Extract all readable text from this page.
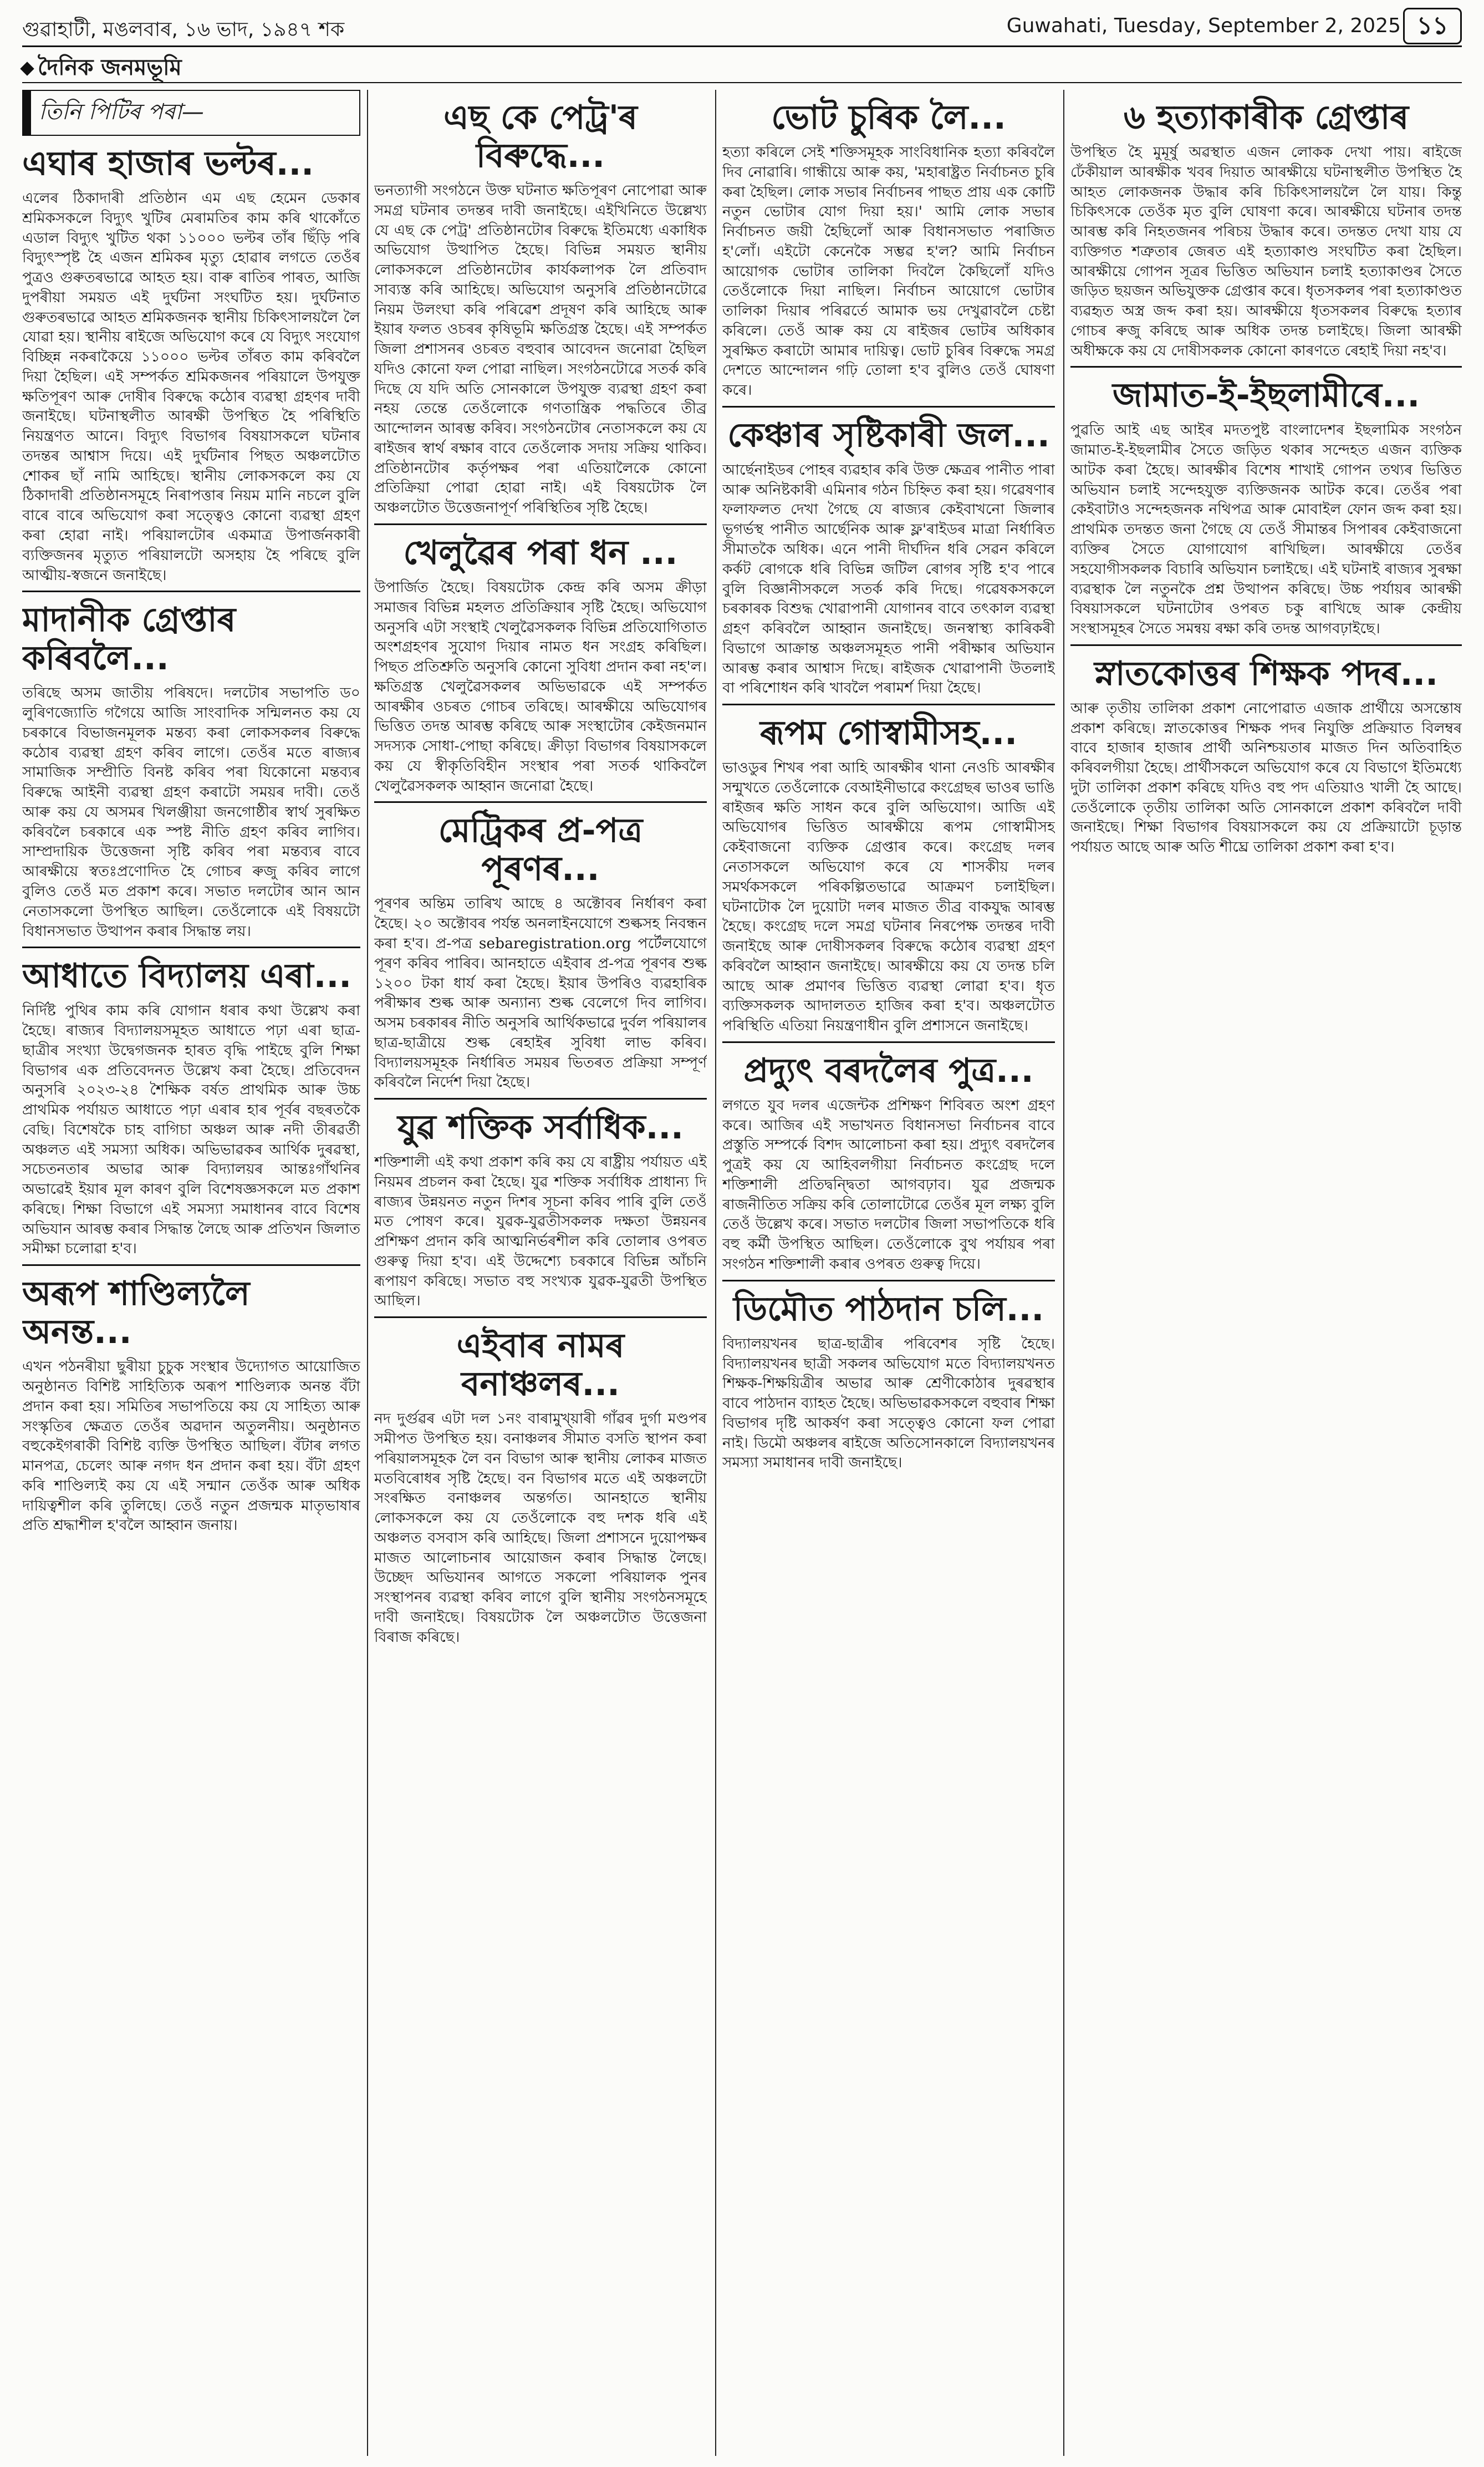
গুৱাহাটী, মঙলবাৰ, ১৬ ভাদ, ১৯৪৭ শক	Guwahati, Tuesday, September 2, 2025 ১১
দৈনিক জনমভূমি
তিনি পিটিৰ পৰা—
এঘাৰ হাজাৰ ভল্টৰ...

এলেৰ ঠিকাদাৰী প্ৰতিষ্ঠান এম এছ হেমেন ডেকাৰ শ্ৰমিকসকলে বিদ্যুৎ খুটিৰ মেৰামতিৰ কাম কৰি থাকোঁতে এডাল বিদ্যুৎ খুটিত থকা ১১০০০ ভল্টৰ তাঁৰ ছিঁড়ি পৰি বিদ্যুৎস্পৃষ্ট হৈ এজন শ্ৰমিকৰ মৃত্যু হোৱাৰ লগতে তেওঁৰ পুত্ৰও গুৰুতৰভাৱে আহত হয়। বাৰু ৰাতিৰ পাৰত, আজি দুপৰীয়া সময়ত এই দুৰ্ঘটনা সংঘটিত হয়। দুৰ্ঘটনাত গুৰুতৰভাৱে আহত শ্ৰমিকজনক স্থানীয় চিকিৎসালয়লৈ লৈ যোৱা হয়। স্থানীয় ৰাইজে অভিযোগ কৰে যে বিদ্যুৎ সংযোগ বিচ্ছিন্ন নকৰাকৈয়ে ১১০০০ ভল্টৰ তাঁৰত কাম কৰিবলৈ দিয়া হৈছিল। এই সম্পৰ্কত শ্ৰমিকজনৰ পৰিয়ালে উপযুক্ত ক্ষতিপূৰণ আৰু দোষীৰ বিৰুদ্ধে কঠোৰ ব্যৱস্থা গ্ৰহণৰ দাবী জনাইছে। ঘটনাস্থলীত আৰক্ষী উপস্থিত হৈ পৰিস্থিতি নিয়ন্ত্ৰণত আনে। বিদ্যুৎ বিভাগৰ বিষয়াসকলে ঘটনাৰ তদন্তৰ আশ্বাস দিয়ে। এই দুৰ্ঘটনাৰ পিছত অঞ্চলটোত শোকৰ ছাঁ নামি আহিছে। স্থানীয় লোকসকলে কয় যে ঠিকাদাৰী প্ৰতিষ্ঠানসমূহে নিৰাপত্তাৰ নিয়ম মানি নচলে বুলি বাৰে বাৰে অভিযোগ কৰা সত্ত্বেও কোনো ব্যৱস্থা গ্ৰহণ কৰা হোৱা নাই। পৰিয়ালটোৰ একমাত্ৰ উপাৰ্জনকাৰী ব্যক্তিজনৰ মৃত্যুত পৰিয়ালটো অসহায় হৈ পৰিছে বুলি আত্মীয়-স্বজনে জনাইছে।

মাদানীক গ্ৰেপ্তাৰ কৰিবলৈ...

তৰিছে অসম জাতীয় পৰিষদে। দলটোৰ সভাপতি ড০ লুৰিণজ্যোতি গগৈয়ে আজি সাংবাদিক সন্মিলনত কয় যে চৰকাৰে বিভাজনমূলক মন্তব্য কৰা লোকসকলৰ বিৰুদ্ধে কঠোৰ ব্যৱস্থা গ্ৰহণ কৰিব লাগে। তেওঁৰ মতে ৰাজ্যৰ সামাজিক সম্প্ৰীতি বিনষ্ট কৰিব পৰা যিকোনো মন্তব্যৰ বিৰুদ্ধে আইনী ব্যৱস্থা গ্ৰহণ কৰাটো সময়ৰ দাবী। তেওঁ আৰু কয় যে অসমৰ খিলঞ্জীয়া জনগোষ্ঠীৰ স্বাৰ্থ সুৰক্ষিত কৰিবলৈ চৰকাৰে এক স্পষ্ট নীতি গ্ৰহণ কৰিব লাগিব। সাম্প্ৰদায়িক উত্তেজনা সৃষ্টি কৰিব পৰা মন্তব্যৰ বাবে আৰক্ষীয়ে স্বতঃপ্ৰণোদিত হৈ গোচৰ ৰুজু কৰিব লাগে বুলিও তেওঁ মত প্ৰকাশ কৰে। সভাত দলটোৰ আন আন নেতাসকলো উপস্থিত আছিল। তেওঁলোকে এই বিষয়টো বিধানসভাত উত্থাপন কৰাৰ সিদ্ধান্ত লয়।

আধাতে বিদ্যালয় এৰা...

নিৰ্দিষ্ট পুথিৰ কাম কৰি যোগান ধৰাৰ কথা উল্লেখ কৰা হৈছে। ৰাজ্যৰ বিদ্যালয়সমূহত আধাতে পঢ়া এৰা ছাত্ৰ-ছাত্ৰীৰ সংখ্যা উদ্বেগজনক হাৰত বৃদ্ধি পাইছে বুলি শিক্ষা বিভাগৰ এক প্ৰতিবেদনত উল্লেখ কৰা হৈছে। প্ৰতিবেদন অনুসৰি ২০২৩-২৪ শৈক্ষিক বৰ্ষত প্ৰাথমিক আৰু উচ্চ প্ৰাথমিক পৰ্যায়ত আধাতে পঢ়া এৰাৰ হাৰ পূৰ্বৰ বছৰতকৈ বেছি। বিশেষকৈ চাহ বাগিচা অঞ্চল আৰু নদী তীৰৱৰ্তী অঞ্চলত এই সমস্যা অধিক। অভিভাৱকৰ আৰ্থিক দুৰৱস্থা, সচেতনতাৰ অভাৱ আৰু বিদ্যালয়ৰ আন্তঃগাঁথনিৰ অভাৱেই ইয়াৰ মূল কাৰণ বুলি বিশেষজ্ঞসকলে মত প্ৰকাশ কৰিছে। শিক্ষা বিভাগে এই সমস্যা সমাধানৰ বাবে বিশেষ অভিযান আৰম্ভ কৰাৰ সিদ্ধান্ত লৈছে আৰু প্ৰতিখন জিলাত সমীক্ষা চলোৱা হ'ব।

অৰূপ শাণ্ডিল্যলৈ অনন্ত...

এখন পঠনৰীয়া ছুৰীয়া চুচুক সংস্থাৰ উদ্যোগত আয়োজিত অনুষ্ঠানত বিশিষ্ট সাহিত্যিক অৰূপ শাণ্ডিল্যক অনন্ত বঁটা প্ৰদান কৰা হয়। সমিতিৰ সভাপতিয়ে কয় যে সাহিত্য আৰু সংস্কৃতিৰ ক্ষেত্ৰত তেওঁৰ অৱদান অতুলনীয়। অনুষ্ঠানত বহুকেইগৰাকী বিশিষ্ট ব্যক্তি উপস্থিত আছিল। বঁটাৰ লগত মানপত্ৰ, চেলেং আৰু নগদ ধন প্ৰদান কৰা হয়। বঁটা গ্ৰহণ কৰি শাণ্ডিল্যই কয় যে এই সন্মান তেওঁক আৰু অধিক দায়িত্বশীল কৰি তুলিছে। তেওঁ নতুন প্ৰজন্মক মাতৃভাষাৰ প্ৰতি শ্ৰদ্ধাশীল হ'বলৈ আহ্বান জনায়।

এছ কে পেট্ৰ'ৰ বিৰুদ্ধে...

ভনত্যাগী সংগঠনে উক্ত ঘটনাত ক্ষতিপূৰণ নোপোৱা আৰু সমগ্ৰ ঘটনাৰ তদন্তৰ দাবী জনাইছে। এইখিনিতে উল্লেখ্য যে এছ কে পেট্ৰ' প্ৰতিষ্ঠানটোৰ বিৰুদ্ধে ইতিমধ্যে একাধিক অভিযোগ উত্থাপিত হৈছে। বিভিন্ন সময়ত স্থানীয় লোকসকলে প্ৰতিষ্ঠানটোৰ কাৰ্যকলাপক লৈ প্ৰতিবাদ সাব্যস্ত কৰি আহিছে। অভিযোগ অনুসৰি প্ৰতিষ্ঠানটোৱে নিয়ম উলংঘা কৰি পৰিৱেশ প্ৰদূষণ কৰি আহিছে আৰু ইয়াৰ ফলত ওচৰৰ কৃষিভূমি ক্ষতিগ্ৰস্ত হৈছে। এই সম্পৰ্কত জিলা প্ৰশাসনৰ ওচৰত বহুবাৰ আবেদন জনোৱা হৈছিল যদিও কোনো ফল পোৱা নাছিল। সংগঠনটোৱে সতৰ্ক কৰি দিছে যে যদি অতি সোনকালে উপযুক্ত ব্যৱস্থা গ্ৰহণ কৰা নহয় তেন্তে তেওঁলোকে গণতান্ত্ৰিক পদ্ধতিৰে তীব্ৰ আন্দোলন আৰম্ভ কৰিব। সংগঠনটোৰ নেতাসকলে কয় যে ৰাইজৰ স্বাৰ্থ ৰক্ষাৰ বাবে তেওঁলোক সদায় সক্ৰিয় থাকিব। প্ৰতিষ্ঠানটোৰ কৰ্তৃপক্ষৰ পৰা এতিয়ালৈকে কোনো প্ৰতিক্ৰিয়া পোৱা হোৱা নাই। এই বিষয়টোক লৈ অঞ্চলটোত উত্তেজনাপূৰ্ণ পৰিস্থিতিৰ সৃষ্টি হৈছে।

খেলুৱৈৰ পৰা ধন ...

উপাৰ্জিত হৈছে। বিষয়টোক কেন্দ্ৰ কৰি অসম ক্ৰীড়া সমাজৰ বিভিন্ন মহলত প্ৰতিক্ৰিয়াৰ সৃষ্টি হৈছে। অভিযোগ অনুসৰি এটা সংস্থাই খেলুৱৈসকলক বিভিন্ন প্ৰতিযোগিতাত অংশগ্ৰহণৰ সুযোগ দিয়াৰ নামত ধন সংগ্ৰহ কৰিছিল। পিছত প্ৰতিশ্ৰুতি অনুসৰি কোনো সুবিধা প্ৰদান কৰা নহ'ল। ক্ষতিগ্ৰস্ত খেলুৱৈসকলৰ অভিভাৱকে এই সম্পৰ্কত আৰক্ষীৰ ওচৰত গোচৰ তৰিছে। আৰক্ষীয়ে অভিযোগৰ ভিত্তিত তদন্ত আৰম্ভ কৰিছে আৰু সংস্থাটোৰ কেইজনমান সদস্যক সোধা-পোছা কৰিছে। ক্ৰীড়া বিভাগৰ বিষয়াসকলে কয় যে স্বীকৃতিবিহীন সংস্থাৰ পৰা সতৰ্ক থাকিবলৈ খেলুৱৈসকলক আহ্বান জনোৱা হৈছে।

মেট্ৰিকৰ প্ৰ-পত্ৰ পূৰণৰ...

পূৰণৰ অন্তিম তাৰিখ আছে ৪ অক্টোবৰ নিৰ্ধাৰণ কৰা হৈছে। ২০ অক্টোবৰ পৰ্যন্ত অনলাইনযোগে শুল্কসহ নিবন্ধন কৰা হ'ব। প্ৰ-পত্ৰ sebaregistration.org পৰ্টেলযোগে পূৰণ কৰিব পাৰিব। আনহাতে এইবাৰ প্ৰ-পত্ৰ পূৰণৰ শুল্ক ১২০০ টকা ধাৰ্য কৰা হৈছে। ইয়াৰ উপৰিও ব্যৱহাৰিক পৰীক্ষাৰ শুল্ক আৰু অন্যান্য শুল্ক বেলেগে দিব লাগিব। অসম চৰকাৰৰ নীতি অনুসৰি আৰ্থিকভাৱে দুৰ্বল পৰিয়ালৰ ছাত্ৰ-ছাত্ৰীয়ে শুল্ক ৰেহাইৰ সুবিধা লাভ কৰিব। বিদ্যালয়সমূহক নিৰ্ধাৰিত সময়ৰ ভিতৰত প্ৰক্ৰিয়া সম্পূৰ্ণ কৰিবলৈ নিৰ্দেশ দিয়া হৈছে।

যুৱ শক্তিক সৰ্বাধিক...

শক্তিশালী এই কথা প্ৰকাশ কৰি কয় যে ৰাষ্ট্ৰীয় পৰ্যায়ত এই নিয়মৰ প্ৰচলন কৰা হৈছে। যুৱ শক্তিক সৰ্বাধিক প্ৰাধান্য দি ৰাজ্যৰ উন্নয়নত নতুন দিশৰ সূচনা কৰিব পাৰি বুলি তেওঁ মত পোষণ কৰে। যুৱক-যুৱতীসকলক দক্ষতা উন্নয়নৰ প্ৰশিক্ষণ প্ৰদান কৰি আত্মনিৰ্ভৰশীল কৰি তোলাৰ ওপৰত গুৰুত্ব দিয়া হ'ব। এই উদ্দেশ্যে চৰকাৰে বিভিন্ন আঁচনি ৰূপায়ণ কৰিছে। সভাত বহু সংখ্যক যুৱক-যুৱতী উপস্থিত আছিল।

এইবাৰ নামৰ বনাঞ্চলৰ...

নদ দুৰ্গুৱৰ এটা দল ১নং বাৰামুখ্য়াৰী গাঁৱৰ দুৰ্গা মণ্ডপৰ সমীপত উপস্থিত হয়। বনাঞ্চলৰ সীমাত বসতি স্থাপন কৰা পৰিয়ালসমূহক লৈ বন বিভাগ আৰু স্থানীয় লোকৰ মাজত মতবিৰোধৰ সৃষ্টি হৈছে। বন বিভাগৰ মতে এই অঞ্চলটো সংৰক্ষিত বনাঞ্চলৰ অন্তৰ্গত। আনহাতে স্থানীয় লোকসকলে কয় যে তেওঁলোকে বহু দশক ধৰি এই অঞ্চলত বসবাস কৰি আহিছে। জিলা প্ৰশাসনে দুয়োপক্ষৰ মাজত আলোচনাৰ আয়োজন কৰাৰ সিদ্ধান্ত লৈছে। উচ্ছেদ অভিযানৰ আগতে সকলো পৰিয়ালক পুনৰ সংস্থাপনৰ ব্যৱস্থা কৰিব লাগে বুলি স্থানীয় সংগঠনসমূহে দাবী জনাইছে। বিষয়টোক লৈ অঞ্চলটোত উত্তেজনা বিৰাজ কৰিছে।

ভোট চুৰিক লৈ...

হত্যা কৰিলে সেই শক্তিসমূহক সাংবিধানিক হত্যা কৰিবলৈ দিব নোৱাৰি। গান্ধীয়ে আৰু কয়, 'মহাৰাষ্ট্ৰত নিৰ্বাচনত চুৰি কৰা হৈছিল। লোক সভাৰ নিৰ্বাচনৰ পাছত প্ৰায় এক কোটি নতুন ভোটাৰ যোগ দিয়া হয়।' আমি লোক সভাৰ নিৰ্বাচনত জয়ী হৈছিলোঁ আৰু বিধানসভাত পৰাজিত হ'লোঁ। এইটো কেনেকৈ সম্ভৱ হ'ল? আমি নিৰ্বাচন আয়োগক ভোটাৰ তালিকা দিবলৈ কৈছিলোঁ যদিও তেওঁলোকে দিয়া নাছিল। নিৰ্বাচন আয়োগে ভোটাৰ তালিকা দিয়াৰ পৰিৱৰ্তে আমাক ভয় দেখুৱাবলৈ চেষ্টা কৰিলে। তেওঁ আৰু কয় যে ৰাইজৰ ভোটৰ অধিকাৰ সুৰক্ষিত কৰাটো আমাৰ দায়িত্ব। ভোট চুৰিৰ বিৰুদ্ধে সমগ্ৰ দেশতে আন্দোলন গঢ়ি তোলা হ'ব বুলিও তেওঁ ঘোষণা কৰে।

কেঞ্চাৰ সৃষ্টিকাৰী জল...

আৰ্ছেনাইডৰ পোহৰ ব্যৱহাৰ কৰি উক্ত ক্ষেত্ৰৰ পানীত পাৰা আৰু অনিষ্টকাৰী এমিনাৰ গঠন চিহ্নিত কৰা হয়। গৱেষণাৰ ফলাফলত দেখা গৈছে যে ৰাজ্যৰ কেইবাখনো জিলাৰ ভূগৰ্ভস্থ পানীত আৰ্ছেনিক আৰু ফ্ল'ৰাইডৰ মাত্ৰা নিৰ্ধাৰিত সীমাতকৈ অধিক। এনে পানী দীৰ্ঘদিন ধৰি সেৱন কৰিলে কৰ্কট ৰোগকে ধৰি বিভিন্ন জটিল ৰোগৰ সৃষ্টি হ'ব পাৰে বুলি বিজ্ঞানীসকলে সতৰ্ক কৰি দিছে। গৱেষকসকলে চৰকাৰক বিশুদ্ধ খোৱাপানী যোগানৰ বাবে তৎকাল ব্যৱস্থা গ্ৰহণ কৰিবলৈ আহ্বান জনাইছে। জনস্বাস্থ্য কাৰিকৰী বিভাগে আক্ৰান্ত অঞ্চলসমূহত পানী পৰীক্ষাৰ অভিযান আৰম্ভ কৰাৰ আশ্বাস দিছে। ৰাইজক খোৱাপানী উতলাই বা পৰিশোধন কৰি খাবলৈ পৰামৰ্শ দিয়া হৈছে।

ৰূপম গোস্বামীসহ...

ভাওডুৰ শিখৰ পৰা আহি আৰক্ষীৰ থানা নেওচি আৰক্ষীৰ সন্মুখতে তেওঁলোকে বেআইনীভাৱে কংগ্ৰেছৰ ভাওৰ ভাঙি ৰাইজৰ ক্ষতি সাধন কৰে বুলি অভিযোগ। আজি এই অভিযোগৰ ভিত্তিত আৰক্ষীয়ে ৰূপম গোস্বামীসহ কেইবাজনো ব্যক্তিক গ্ৰেপ্তাৰ কৰে। কংগ্ৰেছ দলৰ নেতাসকলে অভিযোগ কৰে যে শাসকীয় দলৰ সমৰ্থকসকলে পৰিকল্পিতভাৱে আক্ৰমণ চলাইছিল। ঘটনাটোক লৈ দুয়োটা দলৰ মাজত তীব্ৰ বাকযুদ্ধ আৰম্ভ হৈছে। কংগ্ৰেছ দলে সমগ্ৰ ঘটনাৰ নিৰপেক্ষ তদন্তৰ দাবী জনাইছে আৰু দোষীসকলৰ বিৰুদ্ধে কঠোৰ ব্যৱস্থা গ্ৰহণ কৰিবলৈ আহ্বান জনাইছে। আৰক্ষীয়ে কয় যে তদন্ত চলি আছে আৰু প্ৰমাণৰ ভিত্তিত ব্যৱস্থা লোৱা হ'ব। ধৃত ব্যক্তিসকলক আদালতত হাজিৰ কৰা হ'ব। অঞ্চলটোত পৰিস্থিতি এতিয়া নিয়ন্ত্ৰণাধীন বুলি প্ৰশাসনে জনাইছে।

প্ৰদ্যুৎ বৰদলৈৰ পুত্ৰ...

লগতে যুব দলৰ এজেন্টক প্ৰশিক্ষণ শিবিৰত অংশ গ্ৰহণ কৰে। আজিৰ এই সভাখনত বিধানসভা নিৰ্বাচনৰ বাবে প্ৰস্তুতি সম্পৰ্কে বিশদ আলোচনা কৰা হয়। প্ৰদ্যুৎ বৰদলৈৰ পুত্ৰই কয় যে আহিবলগীয়া নিৰ্বাচনত কংগ্ৰেছ দলে শক্তিশালী প্ৰতিদ্বন্দ্বিতা আগবঢ়াব। যুৱ প্ৰজন্মক ৰাজনীতিত সক্ৰিয় কৰি তোলাটোৱে তেওঁৰ মূল লক্ষ্য বুলি তেওঁ উল্লেখ কৰে। সভাত দলটোৰ জিলা সভাপতিকে ধৰি বহু কৰ্মী উপস্থিত আছিল। তেওঁলোকে বুথ পৰ্যায়ৰ পৰা সংগঠন শক্তিশালী কৰাৰ ওপৰত গুৰুত্ব দিয়ে।

ডিমৌত পাঠদান চলি...

বিদ্যালয়খনৰ ছাত্ৰ-ছাত্ৰীৰ পৰিবেশৰ সৃষ্টি হৈছে। বিদ্যালয়খনৰ ছাত্ৰী সকলৰ অভিযোগ মতে বিদ্যালয়খনত শিক্ষক-শিক্ষয়িত্ৰীৰ অভাৱ আৰু শ্ৰেণীকোঠাৰ দুৰৱস্থাৰ বাবে পাঠদান ব্যাহত হৈছে। অভিভাৱকসকলে বহুবাৰ শিক্ষা বিভাগৰ দৃষ্টি আকৰ্ষণ কৰা সত্ত্বেও কোনো ফল পোৱা নাই। ডিমৌ অঞ্চলৰ ৰাইজে অতিসোনকালে বিদ্যালয়খনৰ সমস্যা সমাধানৰ দাবী জনাইছে।

৬ হত্যাকাৰীক গ্ৰেপ্তাৰ

উপস্থিত হৈ মুমূৰ্ষু অৱস্থাত এজন লোকক দেখা পায়। ৰাইজে ঢেঁকীয়াল আৰক্ষীক খবৰ দিয়াত আৰক্ষীয়ে ঘটনাস্থলীত উপস্থিত হৈ আহত লোকজনক উদ্ধাৰ কৰি চিকিৎসালয়লৈ লৈ যায়। কিন্তু চিকিৎসকে তেওঁক মৃত বুলি ঘোষণা কৰে। আৰক্ষীয়ে ঘটনাৰ তদন্ত আৰম্ভ কৰি নিহতজনৰ পৰিচয় উদ্ধাৰ কৰে। তদন্তত দেখা যায় যে ব্যক্তিগত শত্ৰুতাৰ জেৰত এই হত্যাকাণ্ড সংঘটিত কৰা হৈছিল। আৰক্ষীয়ে গোপন সূত্ৰৰ ভিত্তিত অভিযান চলাই হত্যাকাণ্ডৰ সৈতে জড়িত ছয়জন অভিযুক্তক গ্ৰেপ্তাৰ কৰে। ধৃতসকলৰ পৰা হত্যাকাণ্ডত ব্যৱহৃত অস্ত্ৰ জব্দ কৰা হয়। আৰক্ষীয়ে ধৃতসকলৰ বিৰুদ্ধে হত্যাৰ গোচৰ ৰুজু কৰিছে আৰু অধিক তদন্ত চলাইছে। জিলা আৰক্ষী অধীক্ষকে কয় যে দোষীসকলক কোনো কাৰণতে ৰেহাই দিয়া নহ'ব।

জামাত-ই-ইছলামীৰে...

পুৱতি আই এছ আইৰ মদতপুষ্ট বাংলাদেশৰ ইছলামিক সংগঠন জামাত-ই-ইছলামীৰ সৈতে জড়িত থকাৰ সন্দেহত এজন ব্যক্তিক আটক কৰা হৈছে। আৰক্ষীৰ বিশেষ শাখাই গোপন তথ্যৰ ভিত্তিত অভিযান চলাই সন্দেহযুক্ত ব্যক্তিজনক আটক কৰে। তেওঁৰ পৰা কেইবাটাও সন্দেহজনক নথিপত্ৰ আৰু মোবাইল ফোন জব্দ কৰা হয়। প্ৰাথমিক তদন্তত জনা গৈছে যে তেওঁ সীমান্তৰ সিপাৰৰ কেইবাজনো ব্যক্তিৰ সৈতে যোগাযোগ ৰাখিছিল। আৰক্ষীয়ে তেওঁৰ সহযোগীসকলক বিচাৰি অভিযান চলাইছে। এই ঘটনাই ৰাজ্যৰ সুৰক্ষা ব্যৱস্থাক লৈ নতুনকৈ প্ৰশ্ন উত্থাপন কৰিছে। উচ্চ পৰ্যায়ৰ আৰক্ষী বিষয়াসকলে ঘটনাটোৰ ওপৰত চকু ৰাখিছে আৰু কেন্দ্ৰীয় সংস্থাসমূহৰ সৈতে সমন্বয় ৰক্ষা কৰি তদন্ত আগবঢ়াইছে।

স্নাতকোত্তৰ শিক্ষক পদৰ...

আৰু তৃতীয় তালিকা প্ৰকাশ নোপোৱাত এজাক প্ৰাৰ্থীয়ে অসন্তোষ প্ৰকাশ কৰিছে। স্নাতকোত্তৰ শিক্ষক পদৰ নিযুক্তি প্ৰক্ৰিয়াত বিলম্বৰ বাবে হাজাৰ হাজাৰ প্ৰাৰ্থী অনিশ্চয়তাৰ মাজত দিন অতিবাহিত কৰিবলগীয়া হৈছে। প্ৰাৰ্থীসকলে অভিযোগ কৰে যে বিভাগে ইতিমধ্যে দুটা তালিকা প্ৰকাশ কৰিছে যদিও বহু পদ এতিয়াও খালী হৈ আছে। তেওঁলোকে তৃতীয় তালিকা অতি সোনকালে প্ৰকাশ কৰিবলৈ দাবী জনাইছে। শিক্ষা বিভাগৰ বিষয়াসকলে কয় যে প্ৰক্ৰিয়াটো চূড়ান্ত পৰ্যায়ত আছে আৰু অতি শীঘ্ৰে তালিকা প্ৰকাশ কৰা হ'ব।
